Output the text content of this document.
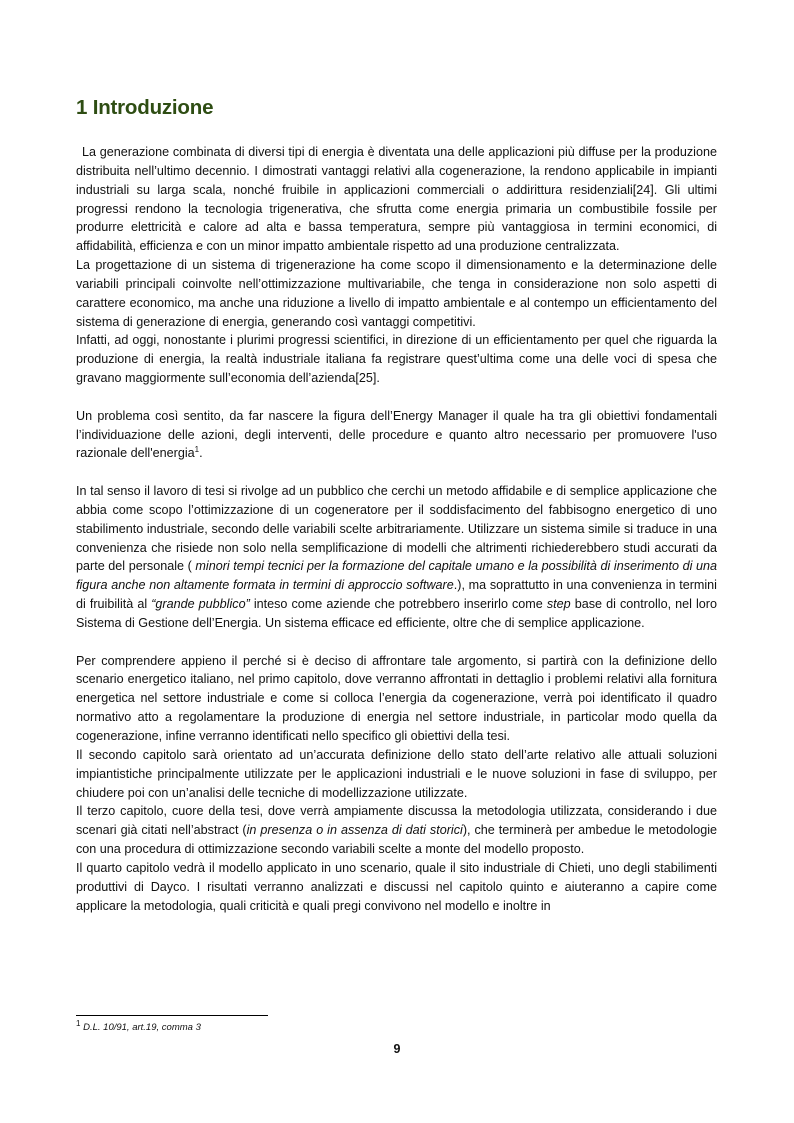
1 Introduzione

La generazione combinata di diversi tipi di energia è diventata una delle applicazioni più diffuse per la produzione distribuita nell’ultimo decennio. I dimostrati vantaggi relativi alla cogenerazione, la rendono applicabile in impianti industriali su larga scala, nonché fruibile in applicazioni commerciali o addirittura residenziali[24]. Gli ultimi progressi rendono la tecnologia trigenerativa, che sfrutta come energia primaria un combustibile fossile per produrre elettricità e calore ad alta e bassa temperatura, sempre più vantaggiosa in termini economici, di affidabilità, efficienza e con un minor impatto ambientale rispetto ad una produzione centralizzata.

La progettazione di un sistema di trigenerazione ha come scopo il dimensionamento e la determinazione delle variabili principali coinvolte nell’ottimizzazione multivariabile, che tenga in considerazione non solo aspetti di carattere economico, ma anche una riduzione a livello di impatto ambientale e al contempo un efficientamento del sistema di generazione di energia, generando così vantaggi competitivi.

Infatti, ad oggi, nonostante i plurimi progressi scientifici, in direzione di un efficientamento per quel che riguarda la produzione di energia, la realtà industriale italiana fa registrare quest’ultima come una delle voci di spesa che gravano maggiormente sull’economia dell’azienda[25].

Un problema così sentito, da far nascere la figura dell’Energy Manager il quale ha tra gli obiettivi fondamentali l’individuazione delle azioni, degli interventi, delle procedure e quanto altro necessario per promuovere l'uso razionale dell'energia$^1$.

In tal senso il lavoro di tesi si rivolge ad un pubblico che cerchi un metodo affidabile e di semplice applicazione che abbia come scopo l’ottimizzazione di un cogeneratore per il soddisfacimento del fabbisogno energetico di uno stabilimento industriale, secondo delle variabili scelte arbitrariamente. Utilizzare un sistema simile si traduce in una convenienza che risiede non solo nella semplificazione di modelli che altrimenti richiederebbero studi accurati da parte del personale ( minori tempi tecnici per la formazione del capitale umano e la possibilità di inserimento di una figura anche non altamente formata in termini di approccio software.), ma soprattutto in una convenienza in termini di fruibilità al “grande pubblico” inteso come aziende che potrebbero inserirlo come step base di controllo, nel loro Sistema di Gestione dell’Energia. Un sistema efficace ed efficiente, oltre che di semplice applicazione.

Per comprendere appieno il perché si è deciso di affrontare tale argomento, si partirà con la definizione dello scenario energetico italiano, nel primo capitolo, dove verranno affrontati in dettaglio i problemi relativi alla fornitura energetica nel settore industriale e come si colloca l’energia da cogenerazione, verrà poi identificato il quadro normativo atto a regolamentare la produzione di energia nel settore industriale, in particolar modo quella da cogenerazione, infine verranno identificati nello specifico gli obiettivi della tesi.

Il secondo capitolo sarà orientato ad un’accurata definizione dello stato dell’arte relativo alle attuali soluzioni impiantistiche principalmente utilizzate per le applicazioni industriali e le nuove soluzioni in fase di sviluppo, per chiudere poi con un’analisi delle tecniche di modellizzazione utilizzate.

Il terzo capitolo, cuore della tesi, dove verrà ampiamente discussa la metodologia utilizzata, considerando i due scenari già citati nell’abstract (in presenza o in assenza di dati storici), che terminerà per ambedue le metodologie con una procedura di ottimizzazione secondo variabili scelte a monte del modello proposto.

Il quarto capitolo vedrà il modello applicato in uno scenario, quale il sito industriale di Chieti, uno degli stabilimenti produttivi di Dayco. I risultati verranno analizzati e discussi nel capitolo quinto e aiuteranno a capire come applicare la metodologia, quali criticità e quali pregi convivono nel modello e inoltre in

$^1$ D.L. 10/91, art.19, comma 3
9
